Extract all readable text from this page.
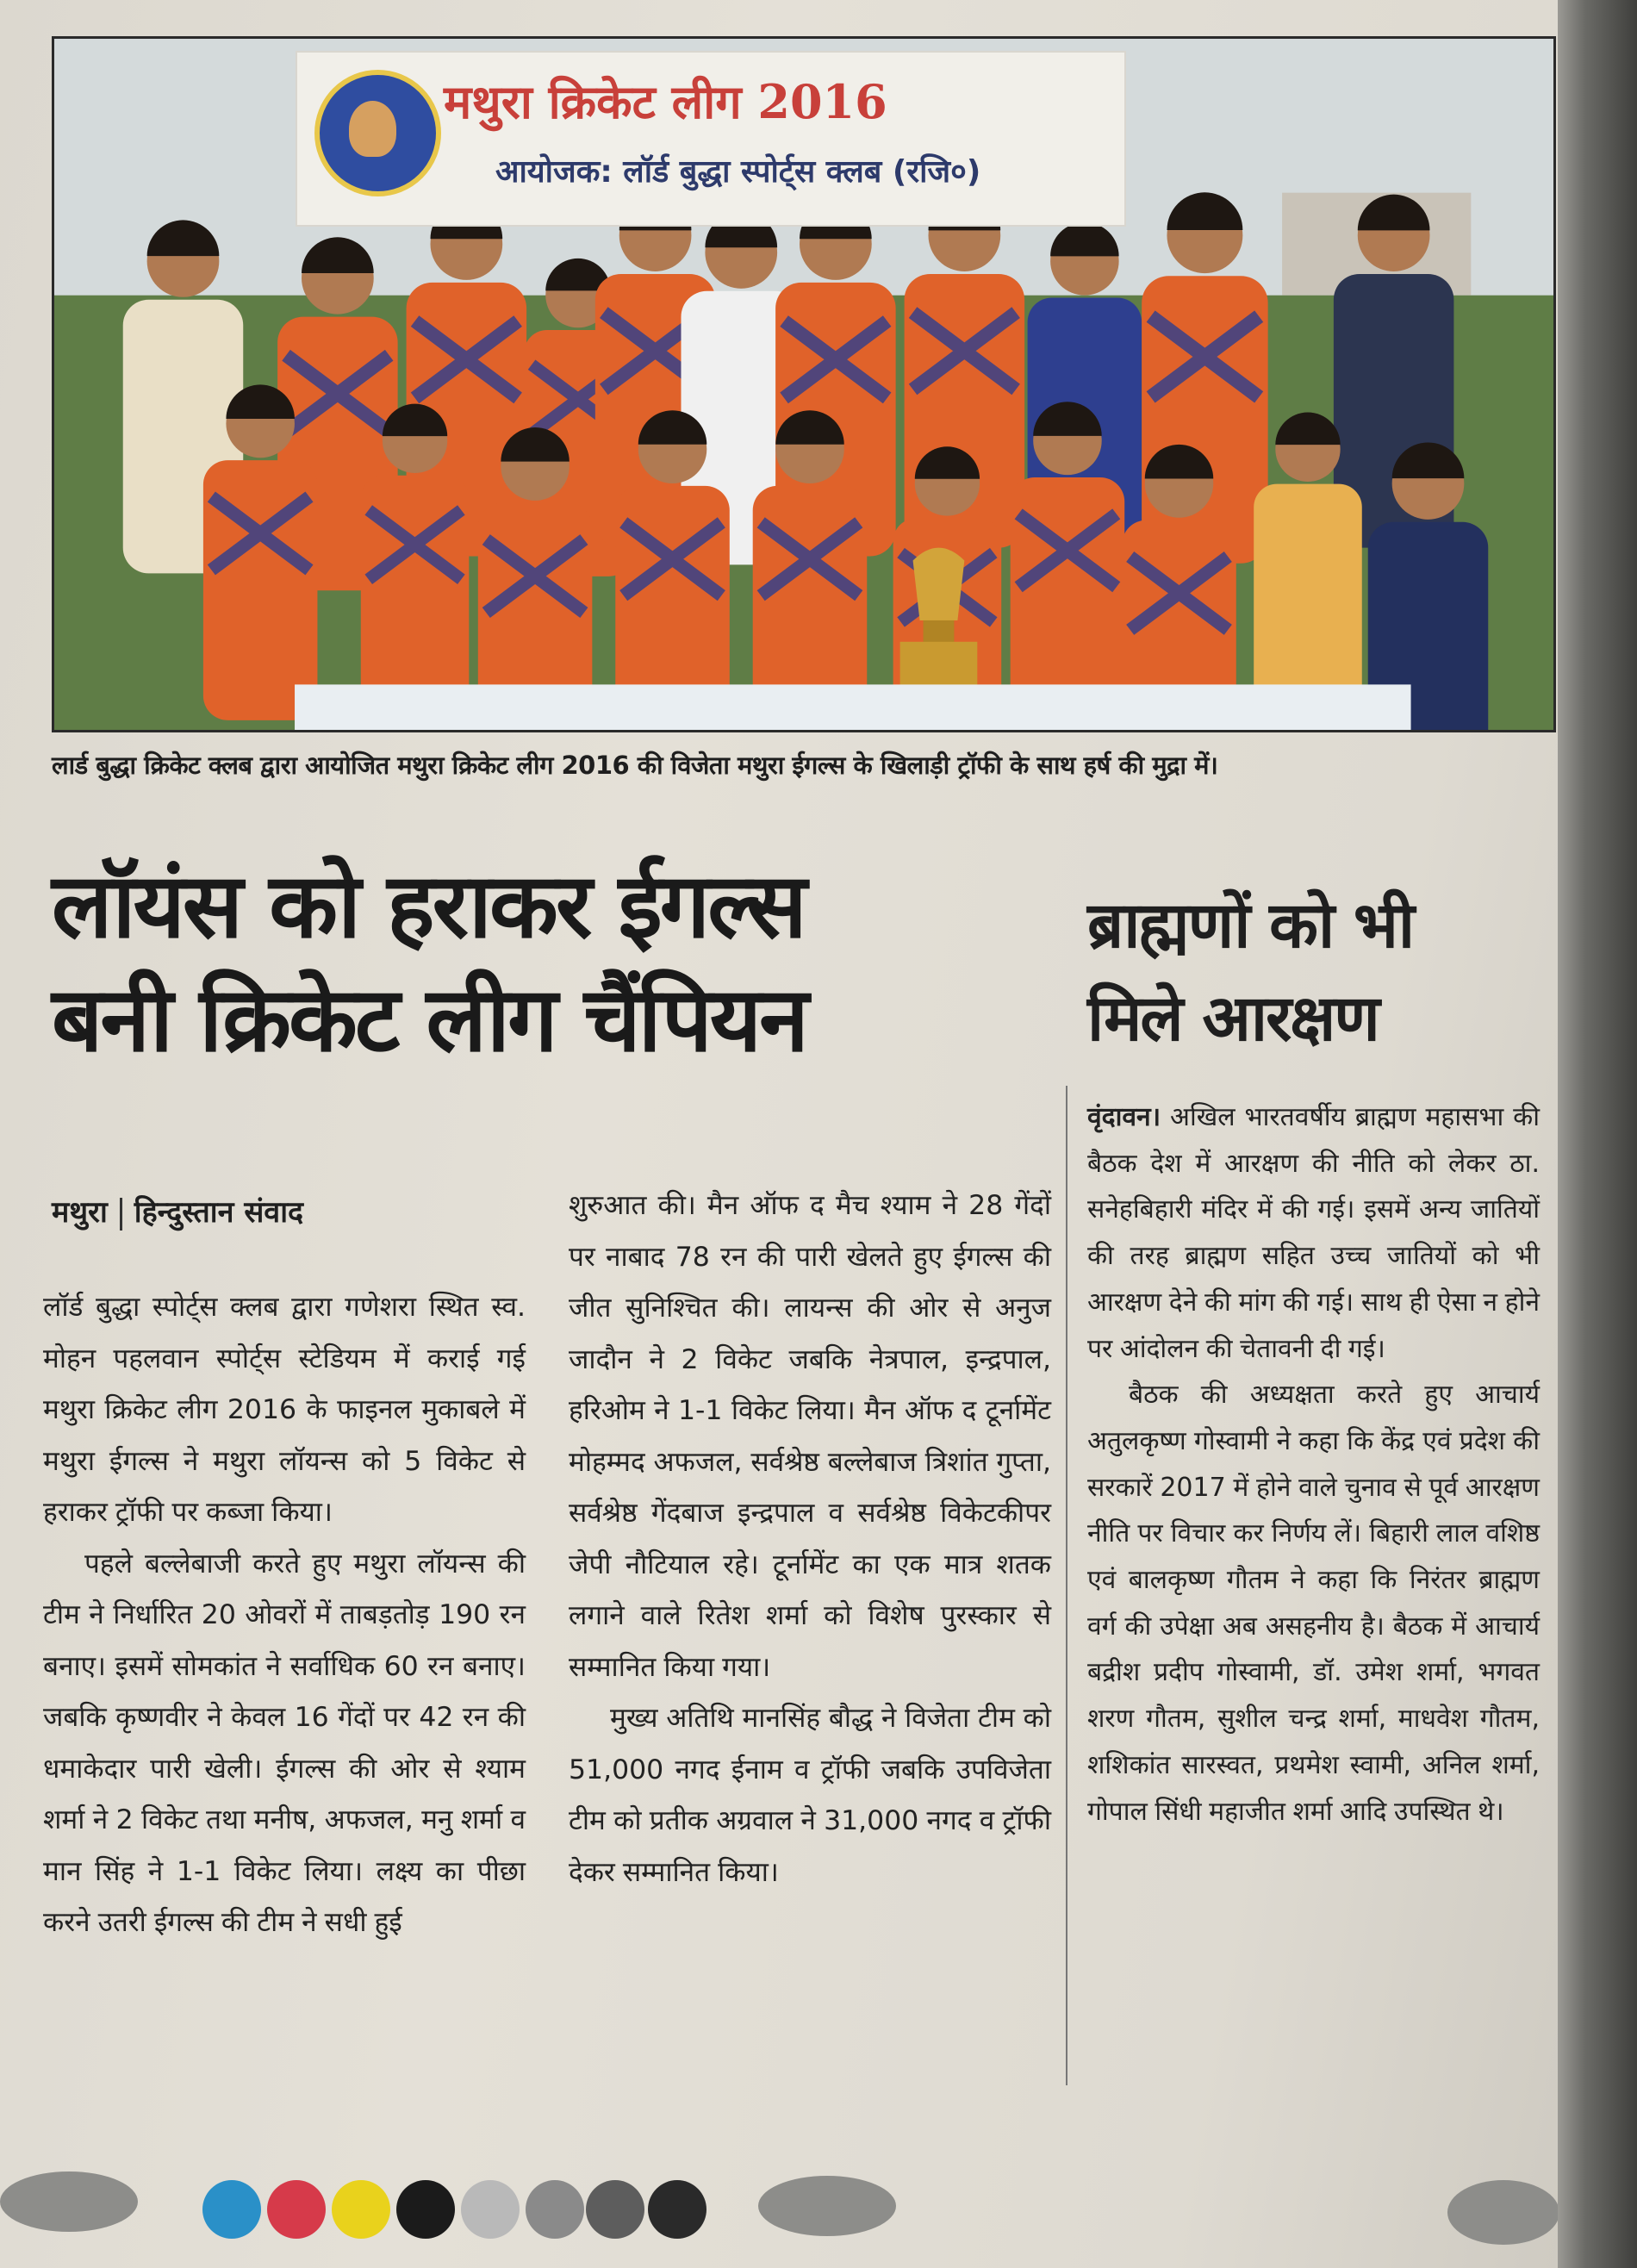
मथुरा क्रिकेट लीग 2016
आयोजक: लॉर्ड बुद्धा स्पोर्ट्स क्लब (रजि०)
लार्ड बुद्धा क्रिकेट क्लब द्वारा आयोजित मथुरा क्रिकेट लीग 2016 की विजेता मथुरा ईगल्स के खिलाड़ी ट्रॉफी के साथ हर्ष की मुद्रा में।
लॉयंस को हराकर ईगल्स
बनी क्रिकेट लीग चैंपियन
ब्राह्मणों को भी
मिले आरक्षण
मथुरा हिन्दुस्तान संवाद

लॉर्ड बुद्धा स्पोर्ट्स क्लब द्वारा गणेशरा स्थित स्व. मोहन पहलवान स्पोर्ट्स स्टेडियम में कराई गई मथुरा क्रिकेट लीग 2016 के फाइनल मुकाबले में मथुरा ईगल्स ने मथुरा लॉयन्स को 5 विकेट से हराकर ट्रॉफी पर कब्जा किया।

पहले बल्लेबाजी करते हुए मथुरा लॉयन्स की टीम ने निर्धारित 20 ओवरों में ताबड़तोड़ 190 रन बनाए। इसमें सोमकांत ने सर्वाधिक 60 रन बनाए। जबकि कृष्णवीर ने केवल 16 गेंदों पर 42 रन की धमाकेदार पारी खेली। ईगल्स की ओर से श्याम शर्मा ने 2 विकेट तथा मनीष, अफजल, मनु शर्मा व मान सिंह ने 1-1 विकेट लिया। लक्ष्य का पीछा करने उतरी ईगल्स की टीम ने सधी हुई

शुरुआत की। मैन ऑफ द मैच श्याम ने 28 गेंदों पर नाबाद 78 रन की पारी खेलते हुए ईगल्स की जीत सुनिश्चित की। लायन्स की ओर से अनुज जादौन ने 2 विकेट जबकि नेत्रपाल, इन्द्रपाल, हरिओम ने 1-1 विकेट लिया। मैन ऑफ द टूर्नामेंट मोहम्मद अफजल, सर्वश्रेष्ठ बल्लेबाज त्रिशांत गुप्ता, सर्वश्रेष्ठ गेंदबाज इन्द्रपाल व सर्वश्रेष्ठ विकेटकीपर जेपी नौटियाल रहे। टूर्नामेंट का एक मात्र शतक लगाने वाले रितेश शर्मा को विशेष पुरस्कार से सम्मानित किया गया।

मुख्य अतिथि मानसिंह बौद्ध ने विजेता टीम को 51,000 नगद ईनाम व ट्रॉफी जबकि उपविजेता टीम को प्रतीक अग्रवाल ने 31,000 नगद व ट्रॉफी देकर सम्मानित किया।

वृंदावन। अखिल भारतवर्षीय ब्राह्मण महासभा की बैठक देश में आरक्षण की नीति को लेकर ठा. सनेहबिहारी मंदिर में की गई। इसमें अन्य जातियों की तरह ब्राह्मण सहित उच्च जातियों को भी आरक्षण देने की मांग की गई। साथ ही ऐसा न होने पर आंदोलन की चेतावनी दी गई।

बैठक की अध्यक्षता करते हुए आचार्य अतुलकृष्ण गोस्वामी ने कहा कि केंद्र एवं प्रदेश की सरकारें 2017 में होने वाले चुनाव से पूर्व आरक्षण नीति पर विचार कर निर्णय लें। बिहारी लाल वशिष्ठ एवं बालकृष्ण गौतम ने कहा कि निरंतर ब्राह्मण वर्ग की उपेक्षा अब असहनीय है। बैठक में आचार्य बद्रीश प्रदीप गोस्वामी, डॉ. उमेश शर्मा, भगवत शरण गौतम, सुशील चन्द्र शर्मा, माधवेश गौतम, शशिकांत सारस्वत, प्रथमेश स्वामी, अनिल शर्मा, गोपाल सिंधी महाजीत शर्मा आदि उपस्थित थे।
